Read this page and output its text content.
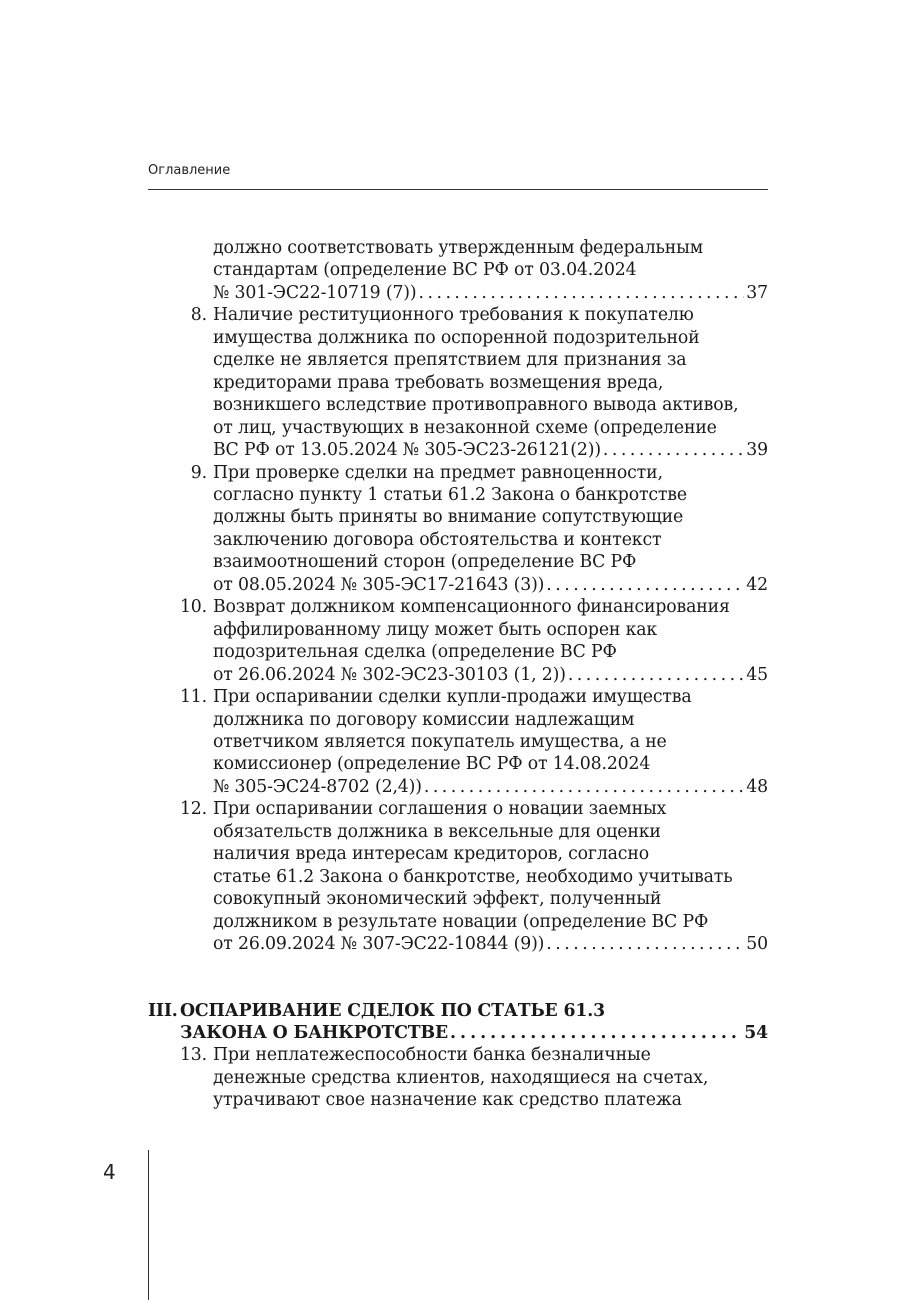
Оглавление
должно соответствовать утвержденным федеральным
стандартам (определение ВС РФ от 03.04.2024
№ 301-ЭС22-10719 (7)) . . .	37
8. Наличие реституционного требования к покупателю
имущества должника по оспоренной подозрительной
сделке не является препятствием для признания за
кредиторами права требовать возмещения вреда,
возникшего вследствие противоправного вывода активов,
от лиц, участвующих в незаконной схеме (определение
ВС РФ от 13.05.2024 № 305-ЭС23-26121(2)) . . .	39
9. При проверке сделки на предмет равноценности,
согласно пункту 1 статьи 61.2 Закона о банкротстве
должны быть приняты во внимание сопутствующие
заключению договора обстоятельства и контекст
взаимоотношений сторон (определение ВС РФ
от 08.05.2024 № 305-ЭС17-21643 (3)) . . .	42
10. Возврат должником компенсационного финансирования
аффилированному лицу может быть оспорен как
подозрительная сделка (определение ВС РФ
от 26.06.2024 № 302-ЭС23-30103 (1, 2)) . . .	45
11. При оспаривании сделки купли-продажи имущества
должника по договору комиссии надлежащим
ответчиком является покупатель имущества, а не
комиссионер (определение ВС РФ от 14.08.2024
№ 305-ЭС24-8702 (2,4)) . . .	48
12. При оспаривании соглашения о новации заемных
обязательств должника в вексельные для оценки
наличия вреда интересам кредиторов, согласно
статье 61.2 Закона о банкротстве, необходимо учитывать
совокупный экономический эффект, полученный
должником в результате новации (определение ВС РФ
от 26.09.2024 № 307-ЭС22-10844 (9)) . . .	50
III. ОСПАРИВАНИЕ СДЕЛОК ПО СТАТЬЕ 61.3
ЗАКОНА О БАНКРОТСТВЕ . . .	54
13. При неплатежеспособности банка безналичные
денежные средства клиентов, находящиеся на счетах,
утрачивают свое назначение как средство платежа
4
